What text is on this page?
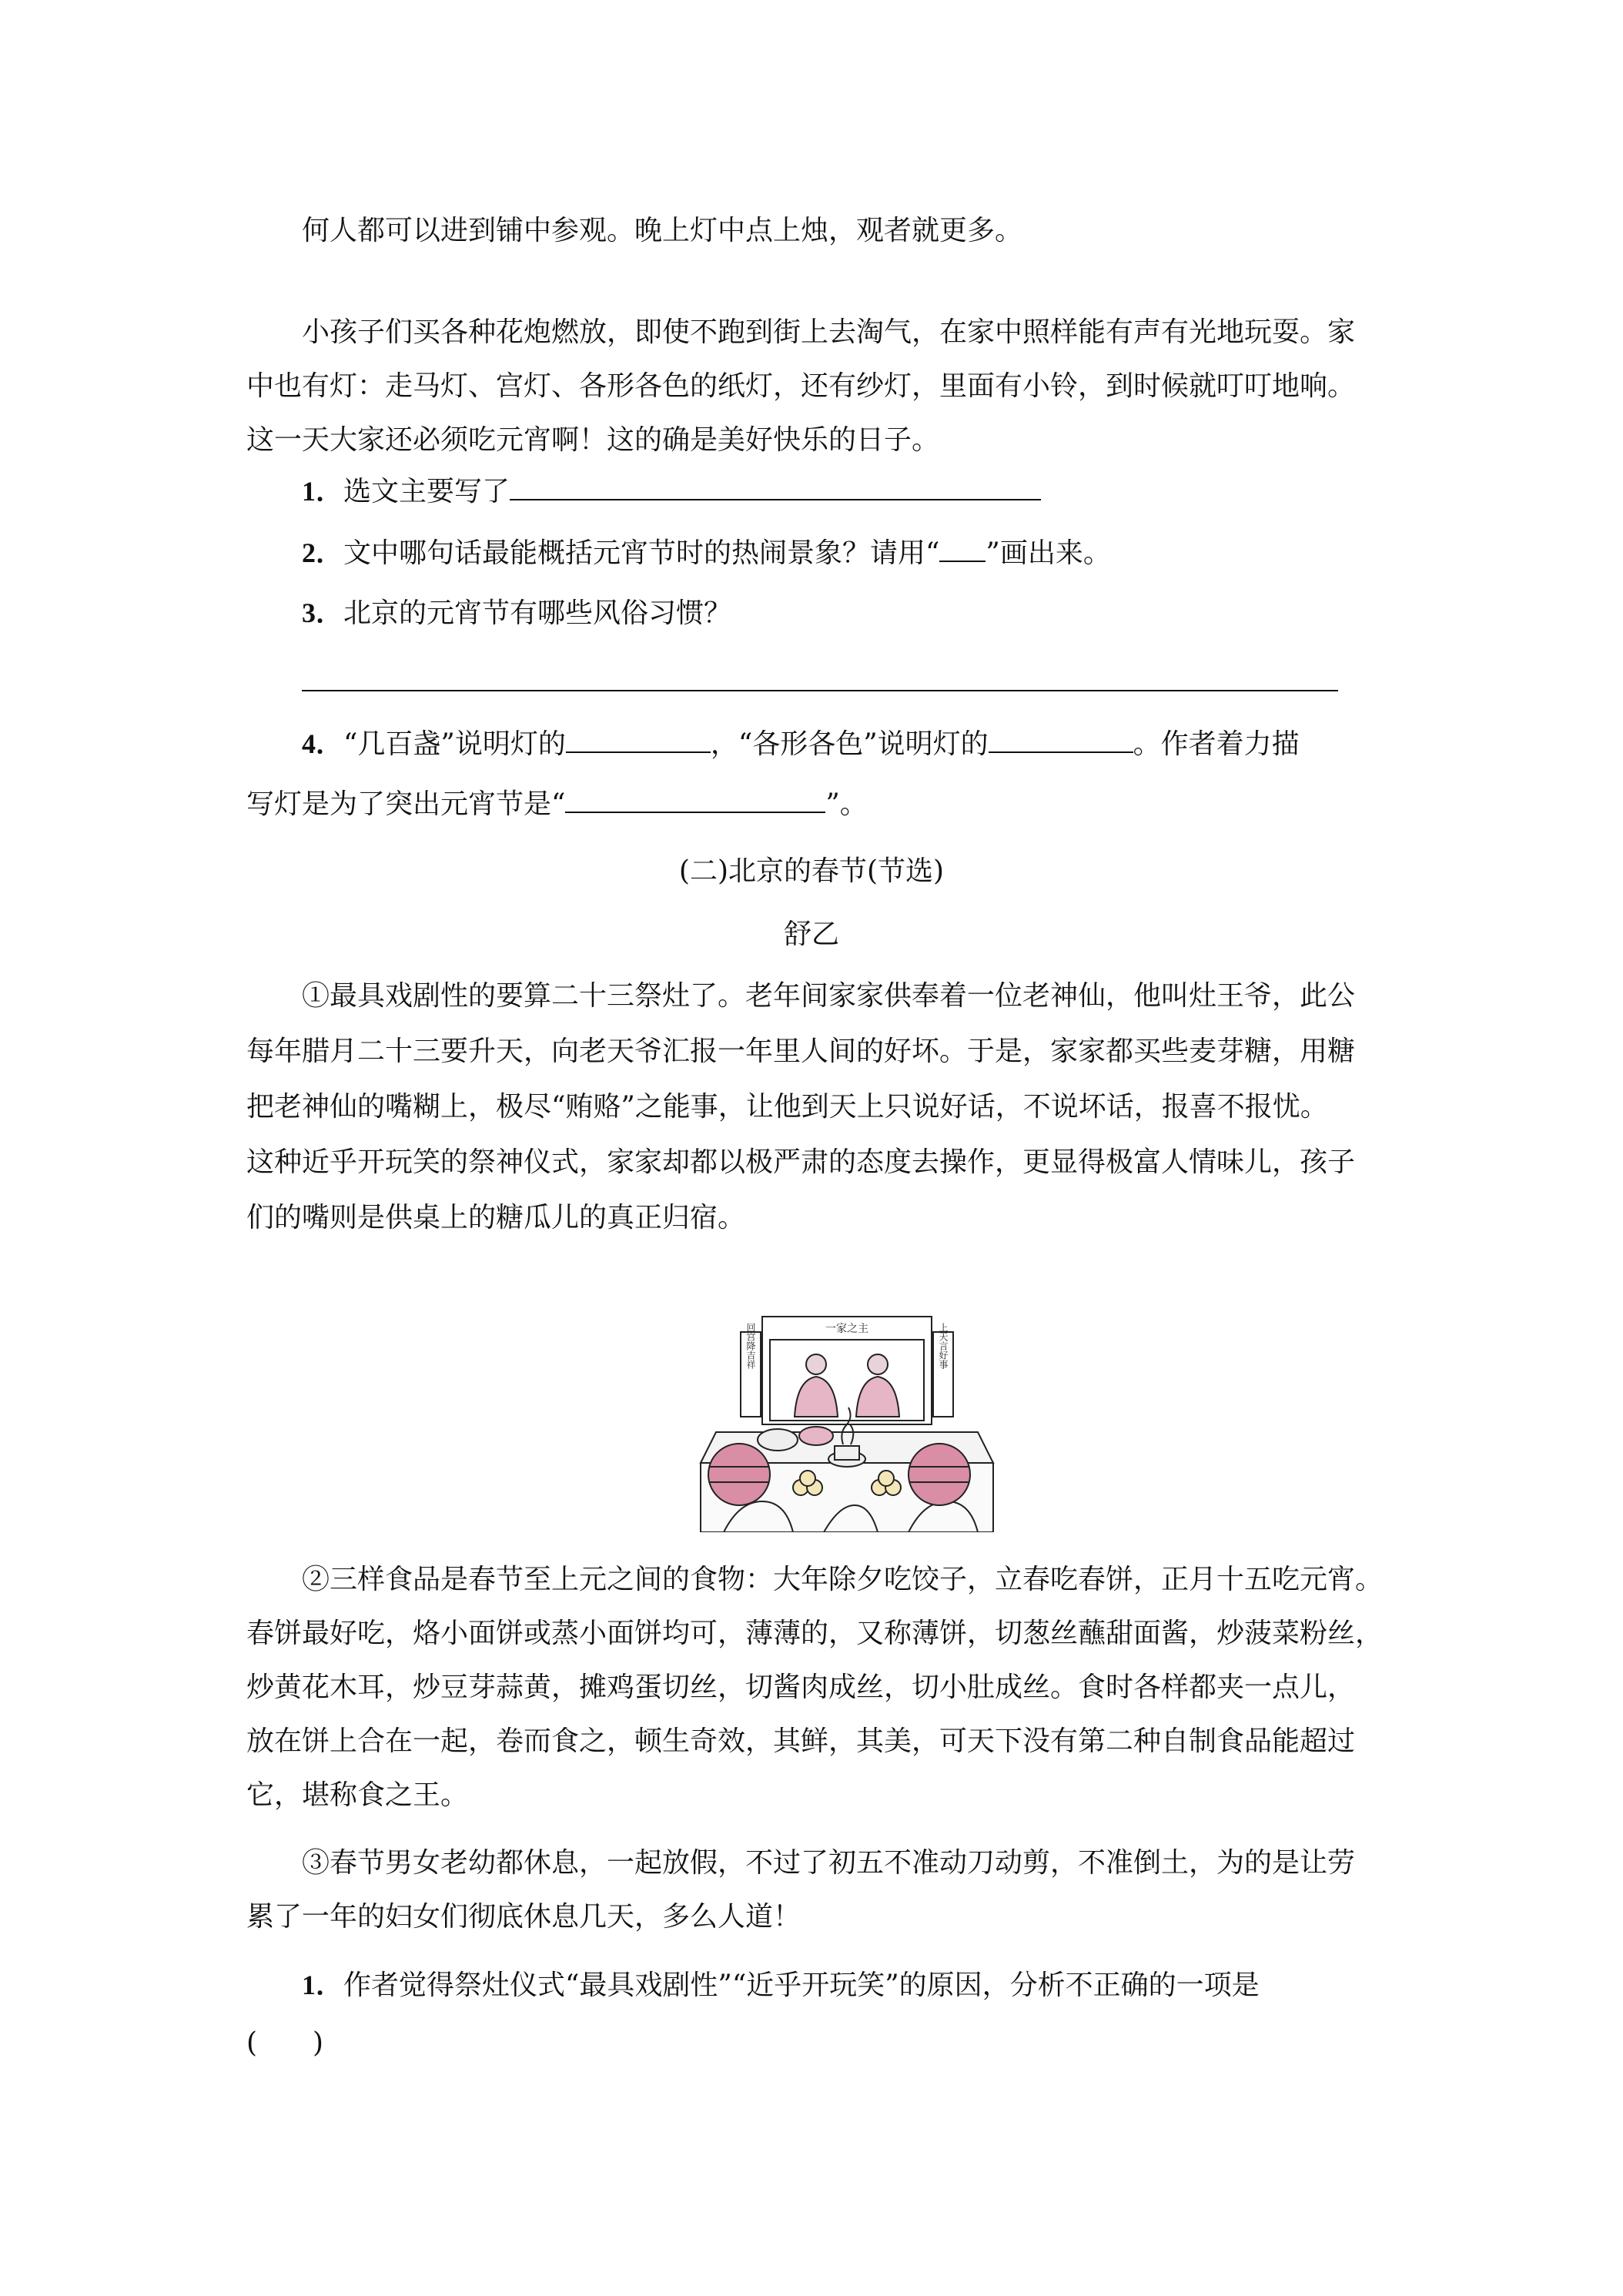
何人都可以进到铺中参观。晚上灯中点上烛，观者就更多。
小孩子们买各种花炮燃放，即使不跑到街上去淘气，在家中照样能有声有光地玩耍。家
中也有灯：走马灯、宫灯、各形各色的纸灯，还有纱灯，里面有小铃，到时候就叮叮地响。
这一天大家还必须吃元宵啊！这的确是美好快乐的日子。
1．选文主要写了
2．文中哪句话最能概括元宵节时的热闹景象？请用“ ”画出来。
3．北京的元宵节有哪些风俗习惯？
4．“几百盏”说明灯的	，“各形各色”说明灯的	。作者着力描
写灯是为了突出元宵节是“	”。
(二)北京的春节(节选)
舒乙
①最具戏剧性的要算二十三祭灶了。老年间家家供奉着一位老神仙，他叫灶王爷，此公
每年腊月二十三要升天，向老天爷汇报一年里人间的好坏。于是，家家都买些麦芽糖，用糖
把老神仙的嘴糊上，极尽“贿赂”之能事，让他到天上只说好话，不说坏话，报喜不报忧。
这种近乎开玩笑的祭神仪式，家家却都以极严肃的态度去操作，更显得极富人情味儿，孩子
们的嘴则是供桌上的糖瓜儿的真正归宿。
一家之主
回宫降吉祥	上天言好事
②三样食品是春节至上元之间的食物：大年除夕吃饺子，立春吃春饼，正月十五吃元宵。
春饼最好吃，烙小面饼或蒸小面饼均可，薄薄的，又称薄饼，切葱丝蘸甜面酱，炒菠菜粉丝，
炒黄花木耳，炒豆芽蒜黄，摊鸡蛋切丝，切酱肉成丝，切小肚成丝。食时各样都夹一点儿，
放在饼上合在一起，卷而食之，顿生奇效，其鲜，其美，可天下没有第二种自制食品能超过
它，堪称食之王。
③春节男女老幼都休息，一起放假，不过了初五不准动刀动剪，不准倒土，为的是让劳
累了一年的妇女们彻底休息几天，多么人道！
1．作者觉得祭灶仪式“最具戏剧性”“近乎开玩笑”的原因，分析不正确的一项是
(　　)
